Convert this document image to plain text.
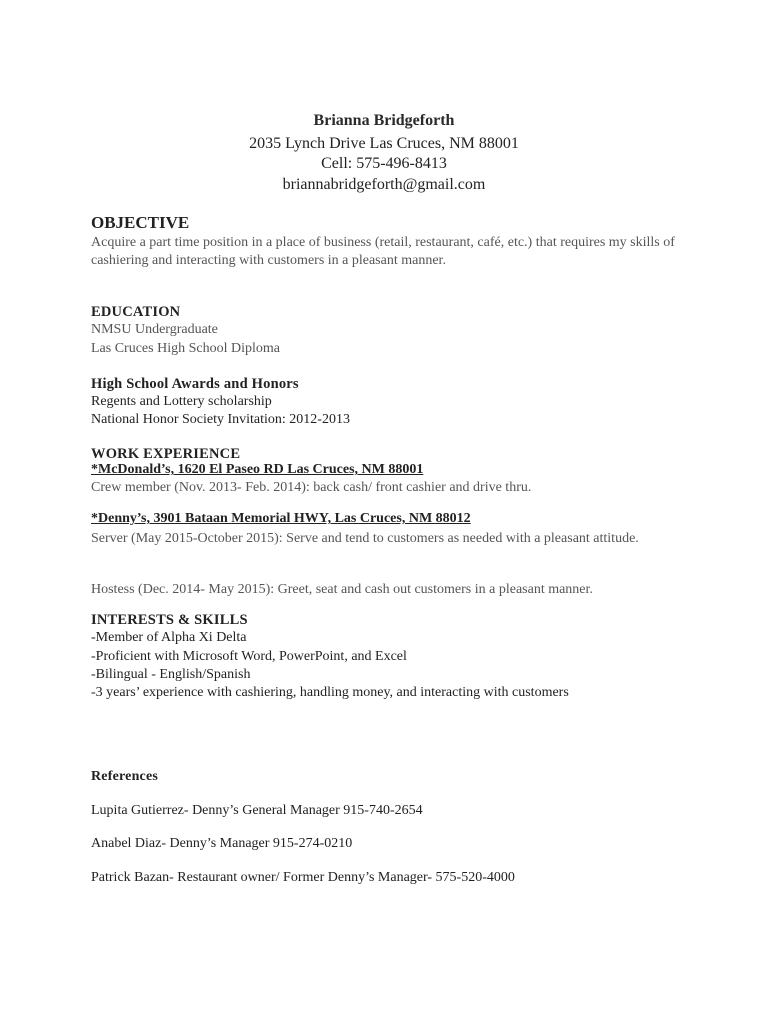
Brianna Bridgeforth

2035 Lynch Drive Las Cruces, NM 88001

Cell: 575-496-8413

briannabridgeforth@gmail.com

OBJECTIVE

Acquire a part time position in a place of business (retail, restaurant, café, etc.) that requires my skills of cashiering and interacting with customers in a pleasant manner.

EDUCATION

NMSU Undergraduate

Las Cruces High School Diploma

High School Awards and Honors

Regents and Lottery scholarship

National Honor Society Invitation: 2012-2013

WORK EXPERIENCE

*McDonald’s, 1620 El Paseo RD Las Cruces, NM 88001

Crew member (Nov. 2013- Feb. 2014): back cash/ front cashier and drive thru.

*Denny’s, 3901 Bataan Memorial HWY, Las Cruces, NM 88012

Server (May 2015-October 2015): Serve and tend to customers as needed with a pleasant attitude.

Hostess (Dec. 2014- May 2015): Greet, seat and cash out customers in a pleasant manner.

INTERESTS & SKILLS

-Member of Alpha Xi Delta

-Proficient with Microsoft Word, PowerPoint, and Excel

-Bilingual - English/Spanish

-3 years’ experience with cashiering, handling money, and interacting with customers

References

Lupita Gutierrez- Denny’s General Manager 915-740-2654

Anabel Diaz- Denny’s Manager 915-274-0210

Patrick Bazan- Restaurant owner/ Former Denny’s Manager- 575-520-4000
